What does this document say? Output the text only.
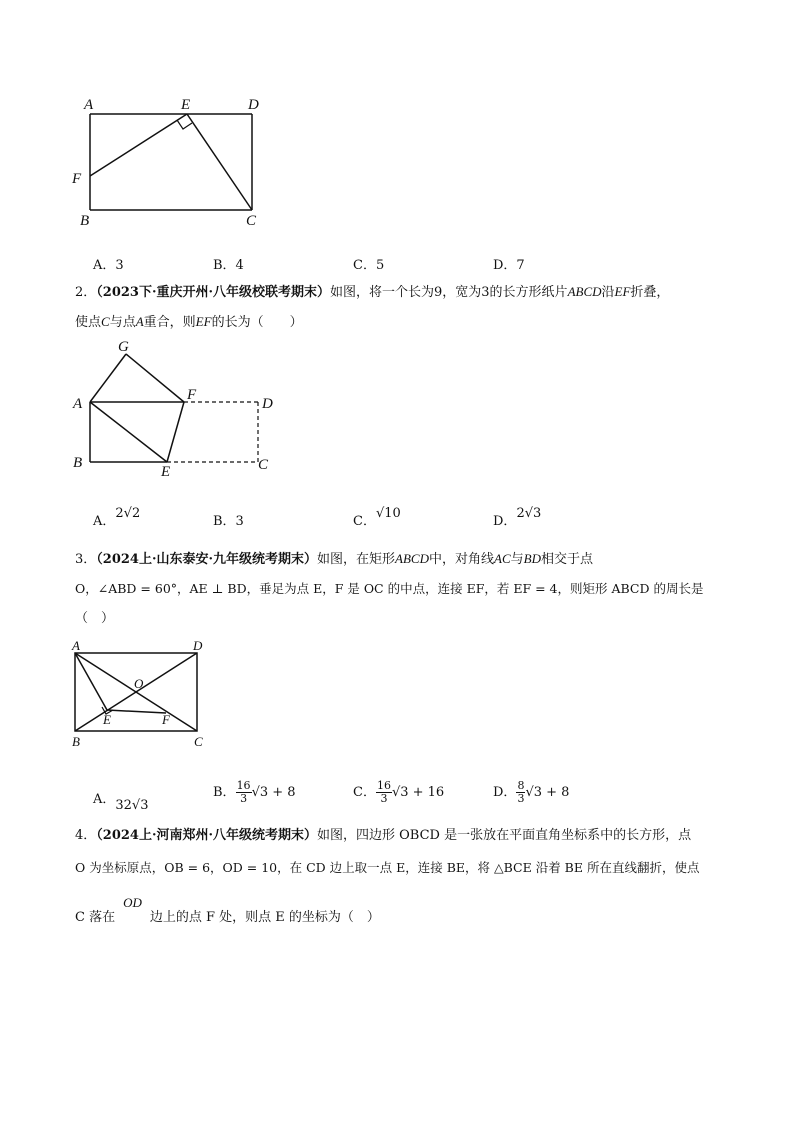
A	E	D
F
B	C
A．3	B．4	C．5	D．7
2．（2023下·重庆开州·八年级校联考期末）如图，将一个长为9，宽为3的长方形纸片ABCD沿EF折叠，
使点C与点A重合，则EF的长为（　　）
G
F
D
A
B
E	C
A．2√2
B．3	C．√10
D．2√3
3．（2024上·山东泰安·九年级统考期末）如图，在矩形ABCD中，对角线AC与BD相交于点
O，∠ABD = 60°，AE ⊥ BD，垂足为点 E，F 是 OC 的中点，连接 EF，若 EF = 4，则矩形 ABCD 的周长是
（　）
A	D
O
E	F
B	C
A．32√3
B． $\frac{16}{3} √3 + 8$	C． $\frac{16}{3} √3 + 16$	D． $\frac{8}{3} √3 + 8$
4．（2024上·河南郑州·八年级统考期末）如图，四边形 OBCD 是一张放在平面直角坐标系中的长方形，点
O 为坐标原点，OB = 6，OD = 10，在 CD 边上取一点 E，连接 BE，将 △BCE 沿着 BE 所在直线翻折，使点
C 落在OD边上的点 F 处，则点 E 的坐标为（　）
